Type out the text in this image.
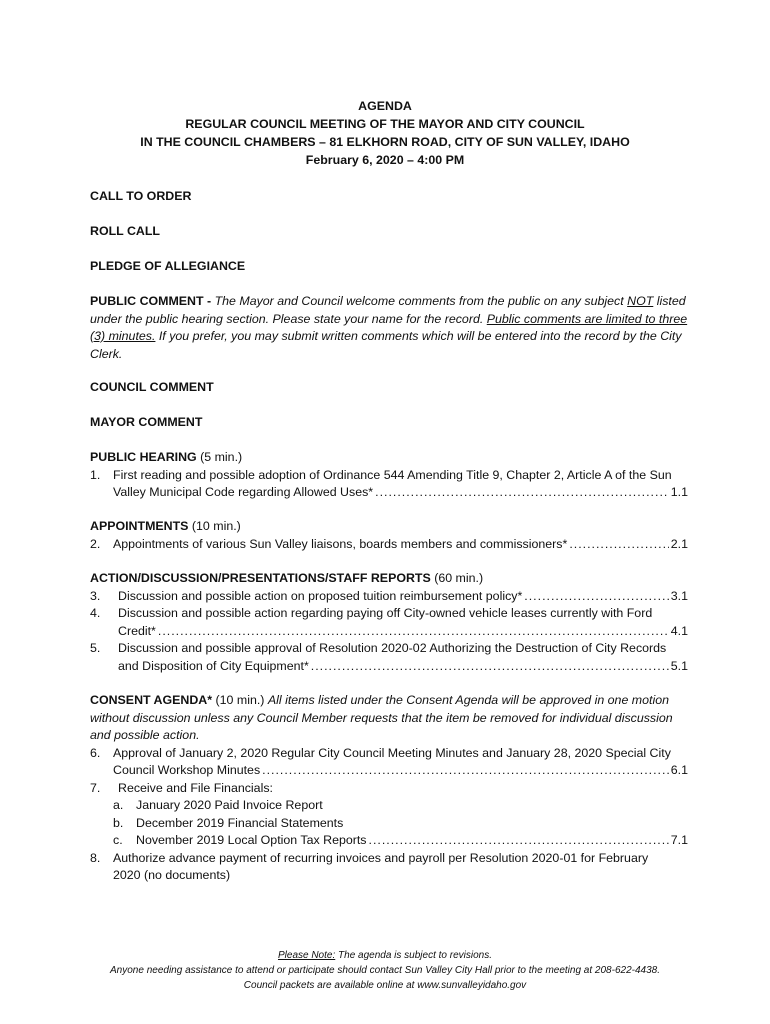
AGENDA
REGULAR COUNCIL MEETING OF THE MAYOR AND CITY COUNCIL
IN THE COUNCIL CHAMBERS – 81 ELKHORN ROAD, CITY OF SUN VALLEY, IDAHO
February 6, 2020 – 4:00 PM
CALL TO ORDER
ROLL CALL
PLEDGE OF ALLEGIANCE
PUBLIC COMMENT - The Mayor and Council welcome comments from the public on any subject NOT listed under the public hearing section. Please state your name for the record. Public comments are limited to three (3) minutes. If you prefer, you may submit written comments which will be entered into the record by the City Clerk.
COUNCIL COMMENT
MAYOR COMMENT
PUBLIC HEARING (5 min.)
1.	First reading and possible adoption of Ordinance 544 Amending Title 9, Chapter 2, Article A of the Sun
Valley Municipal Code regarding Allowed Uses* .....	1.1
APPOINTMENTS (10 min.)
2.	Appointments of various Sun Valley liaisons, boards members and commissioners* .....	2.1
ACTION/DISCUSSION/PRESENTATIONS/STAFF REPORTS (60 min.)
3.	Discussion and possible action on proposed tuition reimbursement policy* .....	3.1
4.	Discussion and possible action regarding paying off City-owned vehicle leases currently with Ford
Credit* .....	4.1
5.	Discussion and possible approval of Resolution 2020-02 Authorizing the Destruction of City Records
and Disposition of City Equipment* .....	5.1
CONSENT AGENDA* (10 min.) All items listed under the Consent Agenda will be approved in one motion without discussion unless any Council Member requests that the item be removed for individual discussion and possible action.
6.	Approval of January 2, 2020 Regular City Council Meeting Minutes and January 28, 2020 Special City
Council Workshop Minutes .....	6.1
7.	Receive and File Financials:
a.	January 2020 Paid Invoice Report
b.	December 2019 Financial Statements
c.	November 2019 Local Option Tax Reports .....	7.1
8.	Authorize advance payment of recurring invoices and payroll per Resolution 2020-01 for February
2020 (no documents)
Please Note: The agenda is subject to revisions.
Anyone needing assistance to attend or participate should contact Sun Valley City Hall prior to the meeting at 208-622-4438.
Council packets are available online at www.sunvalleyidaho.gov
